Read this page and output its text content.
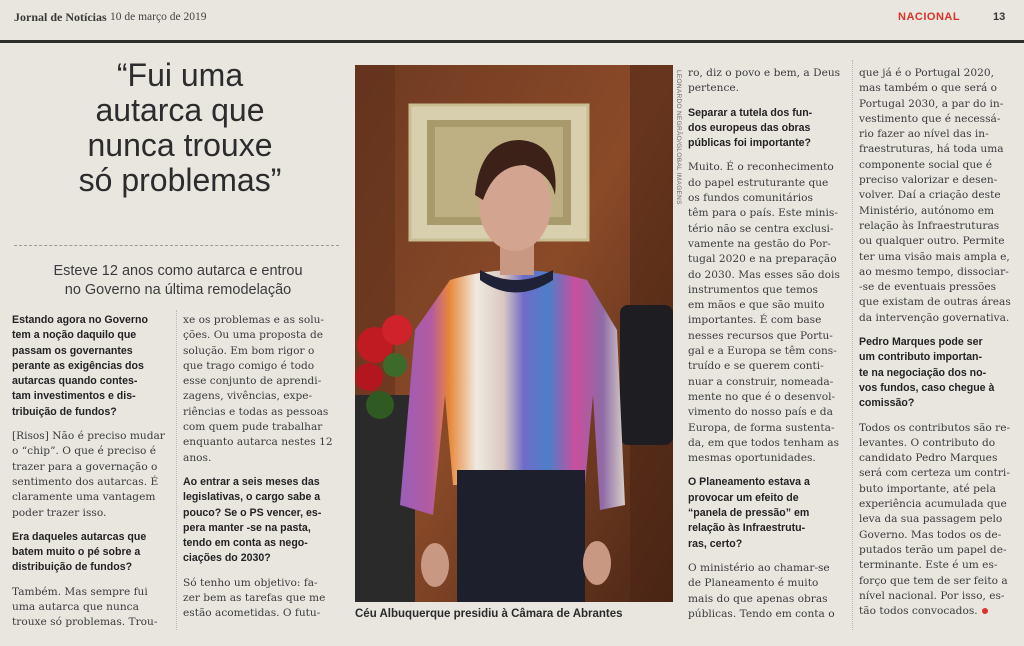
Jornal de Notícias 10 de março de 2019	NACIONAL	13
“Fui uma
autarca que
nunca trouxe
só problemas”
Esteve 12 anos como autarca e entrou
no Governo na última remodelação

Estando agora no Governo
tem a noção daquilo que
passam os governantes
perante as exigências dos
autarcas quando contes-
tam investimentos e dis-
tribuição de fundos?

[Risos] Não é preciso mudar
o “chip”. O que é preciso é
trazer para a governação o
sentimento dos autarcas. É
claramente uma vantagem
poder trazer isso.

Era daqueles autarcas que
batem muito o pé sobre a
distribuição de fundos?

Também. Mas sempre fui
uma autarca que nunca
trouxe só problemas. Trou-

xe os problemas e as solu-
ções. Ou uma proposta de
solução. Em bom rigor o
que trago comigo é todo
esse conjunto de aprendi-
zagens, vivências, expe-
riências e todas as pessoas
com quem pude trabalhar
enquanto autarca nestes 12
anos.

Ao entrar a seis meses das
legislativas, o cargo sabe a
pouco? Se o PS vencer, es-
pera manter -se na pasta,
tendo em conta as nego-
ciações do 2030?

Só tenho um objetivo: fa-
zer bem as tarefas que me
estão acometidas. O futu-

ro, diz o povo e bem, a Deus
pertence.

Separar a tutela dos fun-
dos europeus das obras
públicas foi importante?

Muito. É o reconhecimento
do papel estruturante que
os fundos comunitários
têm para o país. Este minis-
tério não se centra exclusi-
vamente na gestão do Por-
tugal 2020 e na preparação
do 2030. Mas esses são dois
instrumentos que temos
em mãos e que são muito
importantes. É com base
nesses recursos que Portu-
gal e a Europa se têm cons-
truído e se querem conti-
nuar a construir, nomeada-
mente no que é o desenvol-
vimento do nosso país e da
Europa, de forma sustenta-
da, em que todos tenham as
mesmas oportunidades.

O Planeamento estava a
provocar um efeito de
“panela de pressão” em
relação às Infraestrutu-
ras, certo?

O ministério ao chamar-se
de Planeamento é muito
mais do que apenas obras
públicas. Tendo em conta o

que já é o Portugal 2020,
mas também o que será o
Portugal 2030, a par do in-
vestimento que é necessá-
rio fazer ao nível das in-
fraestruturas, há toda uma
componente social que é
preciso valorizar e desen-
volver. Daí a criação deste
Ministério, autónomo em
relação às Infraestruturas
ou qualquer outro. Permite
ter uma visão mais ampla e,
ao mesmo tempo, dissociar-
-se de eventuais pressões
que existam de outras áreas
da intervenção governativa.

Pedro Marques pode ser
um contributo importan-
te na negociação dos no-
vos fundos, caso chegue à
comissão?

Todos os contributos são re-
levantes. O contributo do
candidato Pedro Marques
será com certeza um contri-
buto importante, até pela
experiência acumulada que
leva da sua passagem pelo
Governo. Mas todos os de-
putados terão um papel de-
terminante. Este é um es-
forço que tem de ser feito a
nível nacional. Por isso, es-
tão todos convocados.

LEONARDO NEGRÃO/GLOBAL IMAGENS
Céu Albuquerque presidiu à Câmara de Abrantes
